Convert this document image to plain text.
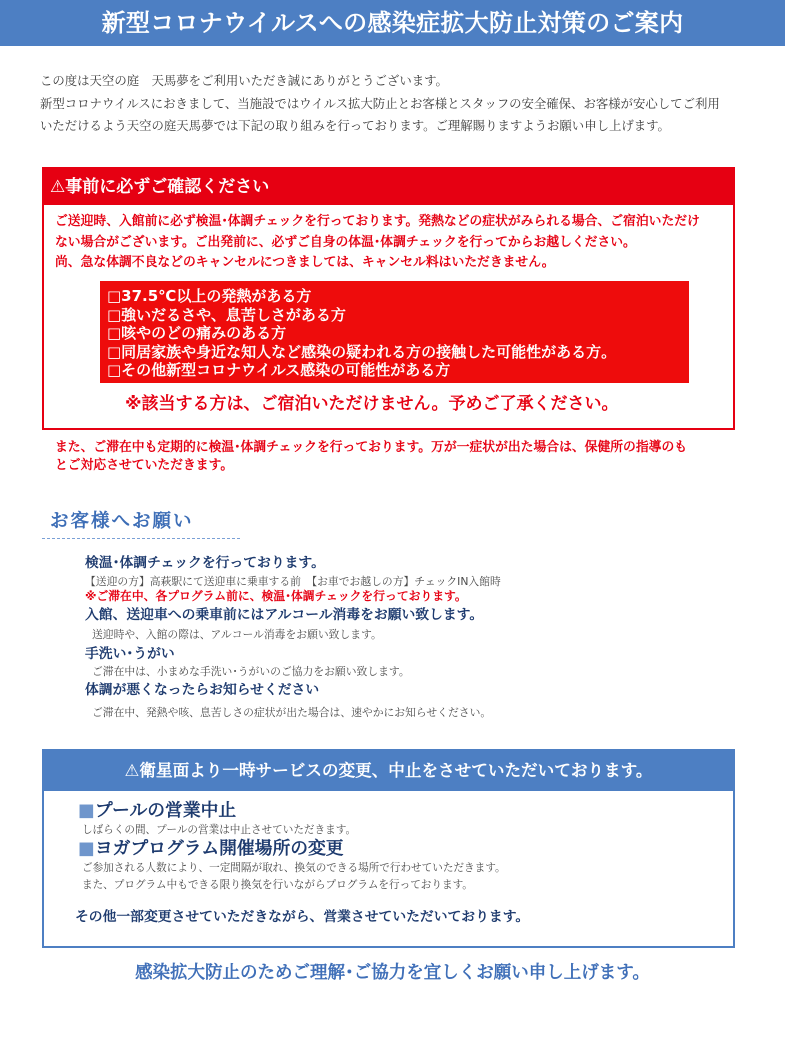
新型コロナウイルスへの感染症拡大防止対策のご案内
この度は天空の庭　天馬夢をご利用いただき誠にありがとうございます。
新型コロナウイルスにおきまして、当施設ではウイルス拡大防止とお客様とスタッフの安全確保、お客様が安心してご利用
いただけるよう天空の庭天馬夢では下記の取り組みを行っております。ご理解賜りますようお願い申し上げます。
⚠事前に必ずご確認ください
ご送迎時、入館前に必ず検温･体調チェックを行っております。発熱などの症状がみられる場合、ご宿泊いただけ
ない場合がございます。ご出発前に、必ずご自身の体温･体調チェックを行ってからお越しください。
尚、急な体調不良などのキャンセルにつきましては、キャンセル料はいただきません。
□37.5℃以上の発熱がある方
□強いだるさや、息苦しさがある方
□咳やのどの痛みのある方
□同居家族や身近な知人など感染の疑われる方の接触した可能性がある方。
□その他新型コロナウイルス感染の可能性がある方
※該当する方は、ご宿泊いただけません。予めご了承ください。
また、ご滞在中も定期的に検温･体調チェックを行っております。万が一症状が出た場合は、保健所の指導のも
とご対応させていただきます。
お客様へお願い
検温･体調チェックを行っております。
【送迎の方】高萩駅にて送迎車に乗車する前　【お車でお越しの方】チェックIN入館時
※ご滞在中、各プログラム前に、検温･体調チェックを行っております。
入館、送迎車への乗車前にはアルコール消毒をお願い致します。
送迎時や、入館の際は、アルコール消毒をお願い致します。
手洗い･うがい
ご滞在中は、小まめな手洗い･うがいのご協力をお願い致します。
体調が悪くなったらお知らせください
ご滞在中、発熱や咳、息苦しさの症状が出た場合は、速やかにお知らせください。
⚠衛星面より一時サービスの変更、中止をさせていただいております。
■プールの営業中止
しばらくの間、プールの営業は中止させていただきます。
■ヨガプログラム開催場所の変更
ご参加される人数により、一定間隔が取れ、換気のできる場所で行わせていただきます。
また、プログラム中もできる限り換気を行いながらプログラムを行っております。
その他一部変更させていただきながら、営業させていただいております。
感染拡大防止のためご理解･ご協力を宜しくお願い申し上げます。
